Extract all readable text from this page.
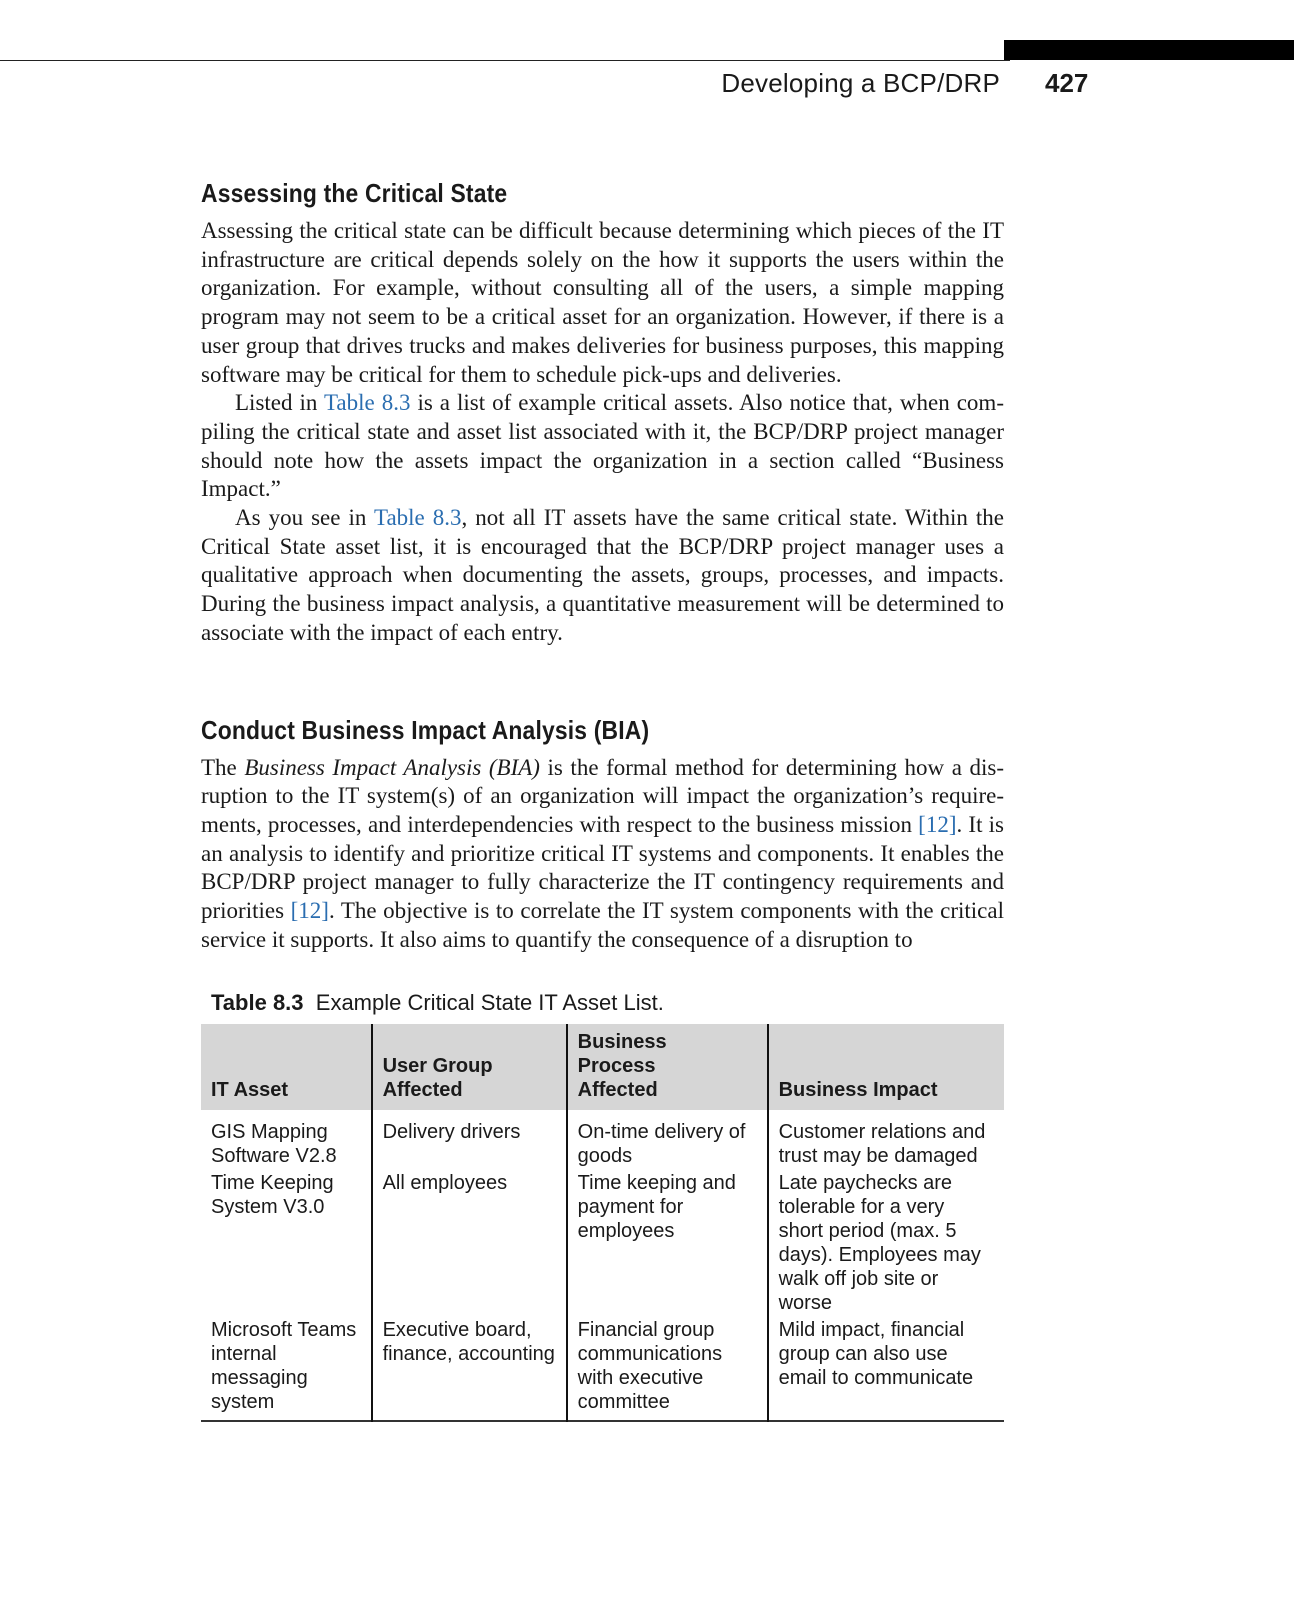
Developing a BCP/DRP 427
Assessing the Critical State

Assessing the critical state can be difficult because determining which pieces of the IT infrastructure are critical depends solely on the how it supports the users within the organization. For example, without consulting all of the users, a simple mapping program may not seem to be a critical asset for an organization. However, if there is a user group that drives trucks and makes deliveries for business purposes, this mapping software may be critical for them to schedule pick-ups and deliveries.

Listed in Table 8.3 is a list of example critical assets. Also notice that, when compiling the critical state and asset list associated with it, the BCP/DRP project manager should note how the assets impact the organization in a section called “Business Impact.”

As you see in Table 8.3, not all IT assets have the same critical state. Within the Critical State asset list, it is encouraged that the BCP/DRP project manager uses a qualitative approach when documenting the assets, groups, processes, and impacts. During the business impact analysis, a quantitative measurement will be determined to associate with the impact of each entry.

Conduct Business Impact Analysis (BIA)

The Business Impact Analysis (BIA) is the formal method for determining how a disruption to the IT system(s) of an organization will impact the organization’s requirements, processes, and interdependencies with respect to the business mission [12]. It is an analysis to identify and prioritize critical IT systems and components. It enables the BCP/DRP project manager to fully characterize the IT contingency requirements and priorities [12]. The objective is to correlate the IT system components with the critical service it supports. It also aims to quantify the consequence of a disruption to

Table 8.3 Example Critical State IT Asset List.
IT Asset	User Group Affected	Business Process Affected	Business Impact
GIS Mapping Software V2.8	Delivery drivers	On-time delivery of goods	Customer relations and trust may be damaged
Time Keeping System V3.0	All employees	Time keeping and payment for employees	Late paychecks are tolerable for a very short period (max. 5 days). Employees may walk off job site or worse
Microsoft Teams internal messaging system	Executive board, finance, accounting	Financial group communications with executive committee	Mild impact, financial group can also use email to communicate
